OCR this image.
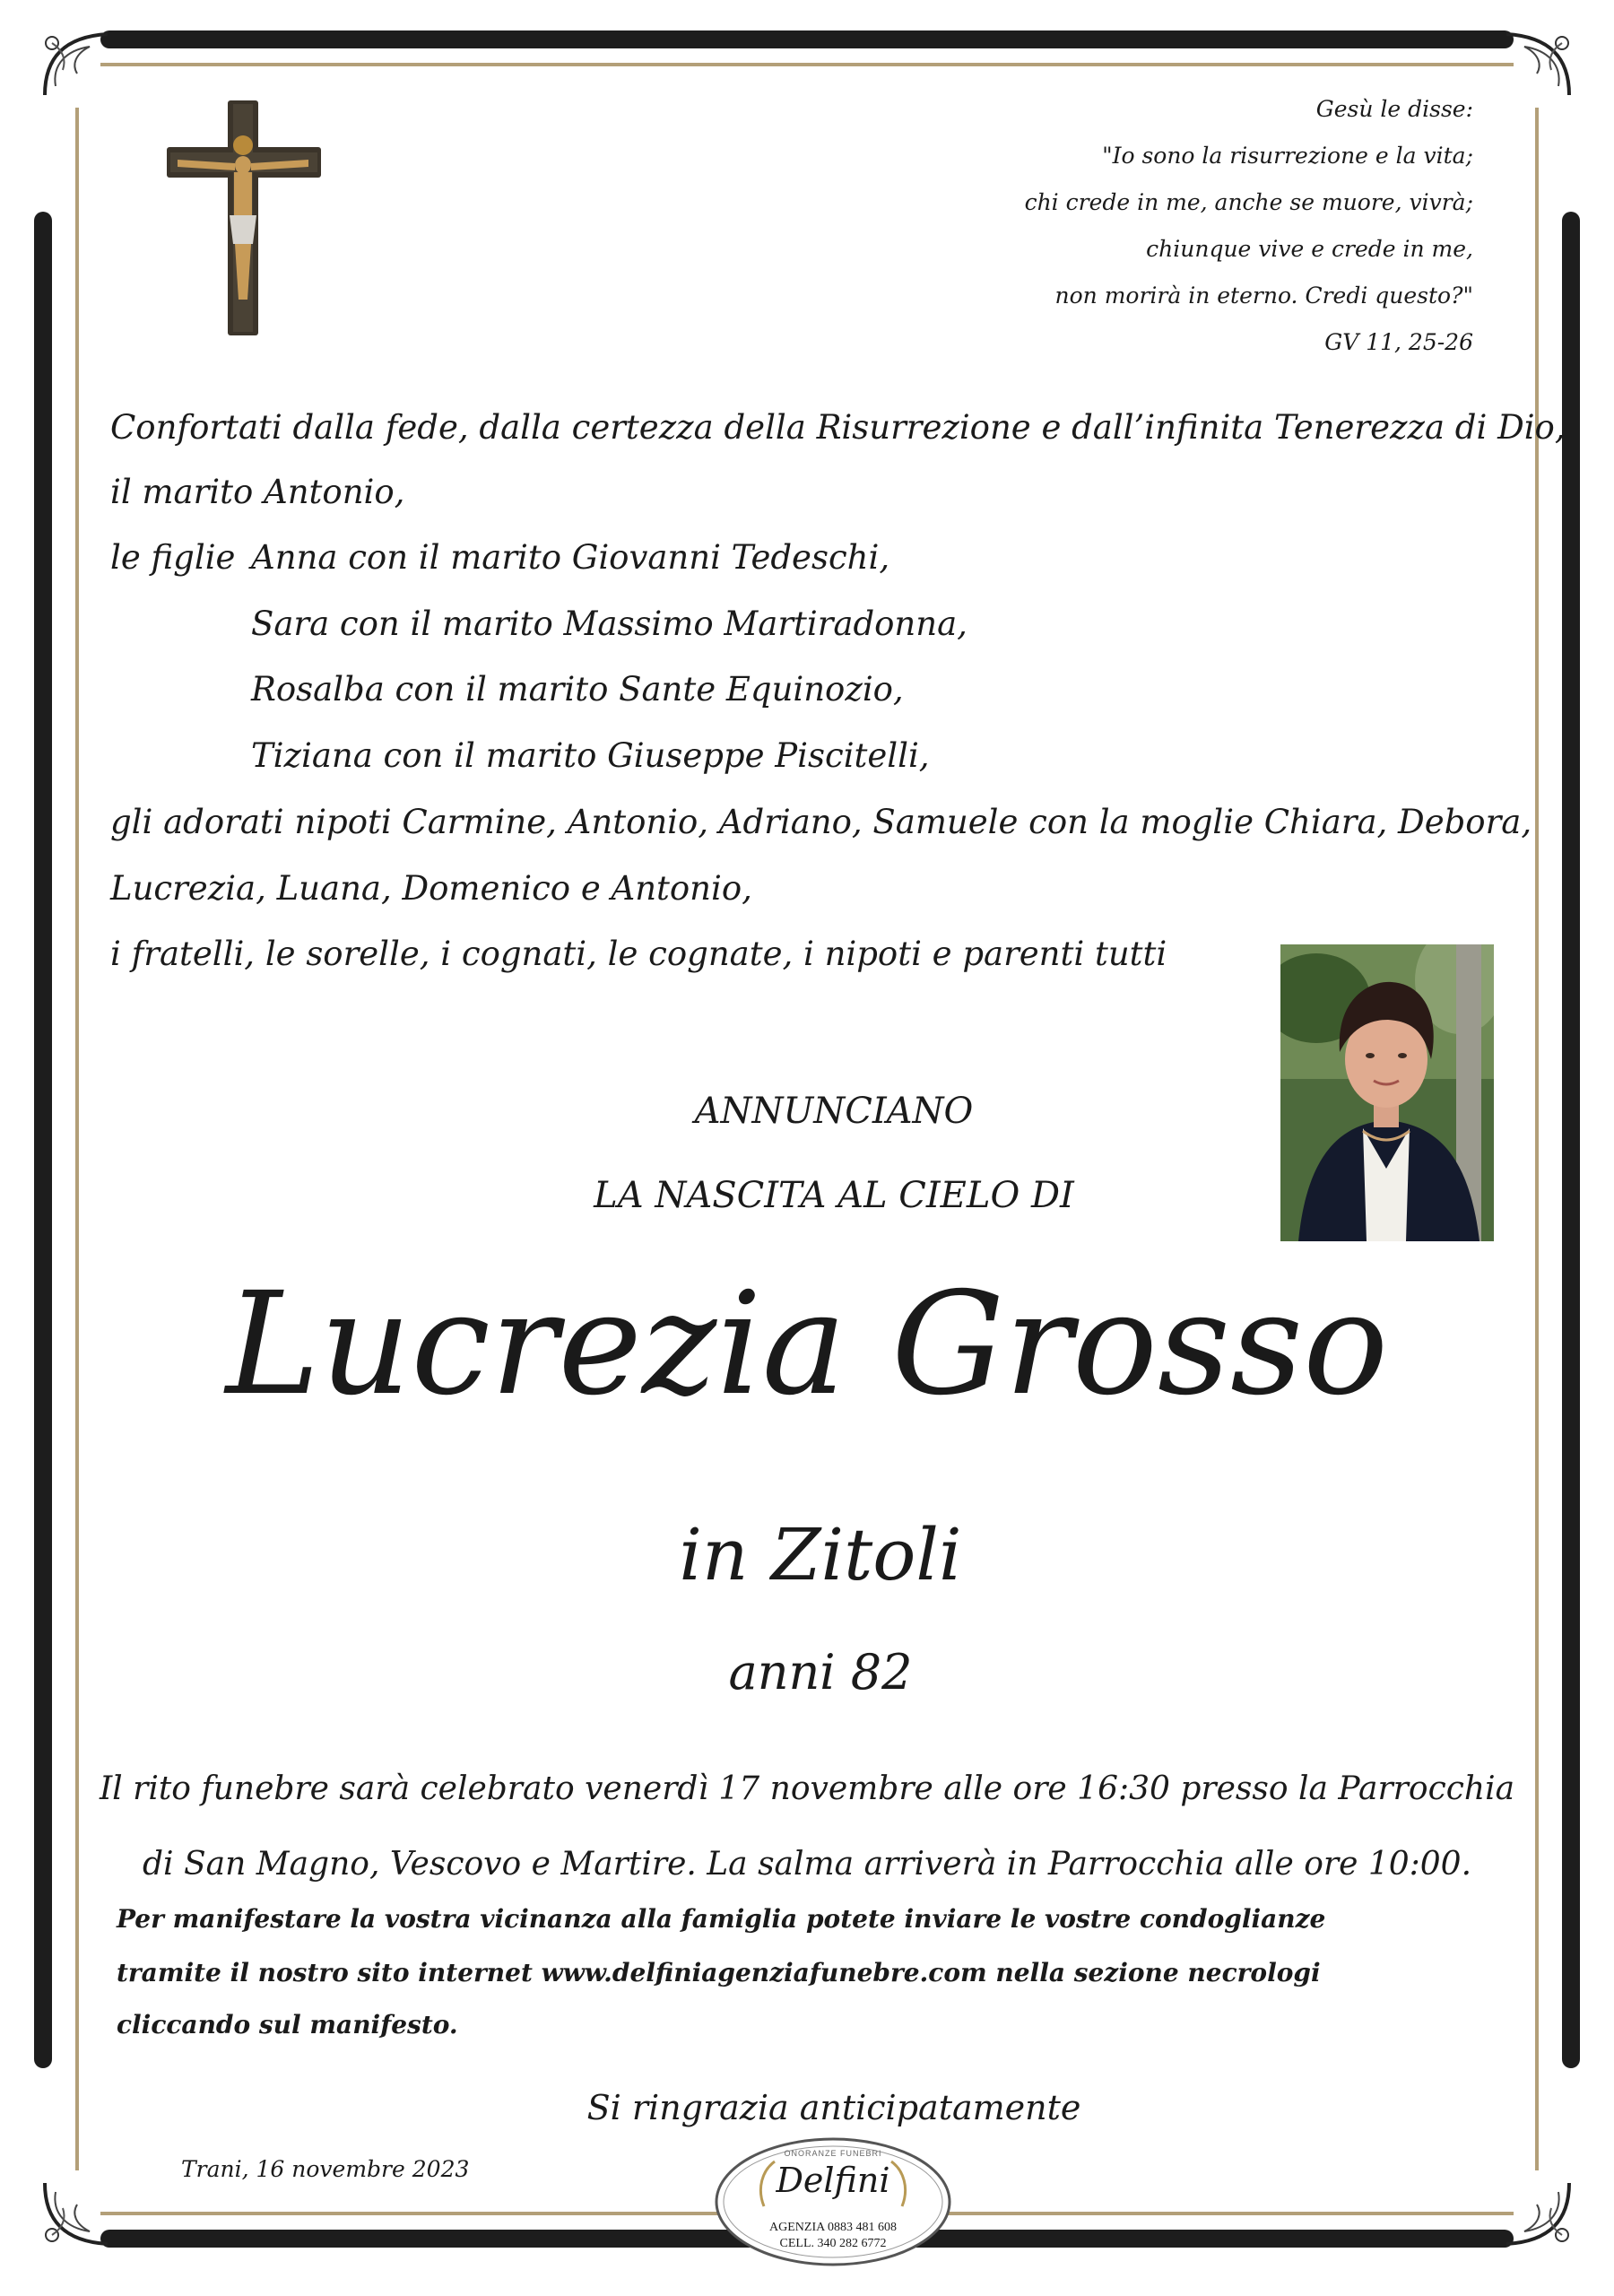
Gesù le disse:
"Io sono la risurrezione e la vita;
chi crede in me, anche se muore, vivrà;
chiunque vive e crede in me,
non morirà in eterno. Credi questo?"
GV 11, 25-26
Confortati dalla fede, dalla certezza della Risurrezione e dall’infinita Tenerezza di Dio,
il marito Antonio,
le figlie Anna con il marito Giovanni Tedeschi,
Sara con il marito Massimo Martiradonna,
Rosalba con il marito Sante Equinozio,
Tiziana con il marito Giuseppe Piscitelli,
gli adorati nipoti Carmine, Antonio, Adriano, Samuele con la moglie Chiara, Debora,
Lucrezia, Luana, Domenico e Antonio,
i fratelli, le sorelle, i cognati, le cognate, i nipoti e parenti tutti
ANNUNCIANO
LA NASCITA AL CIELO DI
Lucrezia Grosso
in Zitoli
anni 82
Il rito funebre sarà celebrato venerdì 17 novembre alle ore 16:30 presso la Parrocchia
di San Magno, Vescovo e Martire. La salma arriverà in Parrocchia alle ore 10:00.
Per manifestare la vostra vicinanza alla famiglia potete inviare le vostre condoglianze
tramite il nostro sito internet www.delfiniagenziafunebre.com nella sezione necrologi
cliccando sul manifesto.
Si ringrazia anticipatamente
Trani, 16 novembre 2023
ONORANZE FUNEBRI
Delfini
AGENZIA 0883 481 608
CELL. 340 282 6772
